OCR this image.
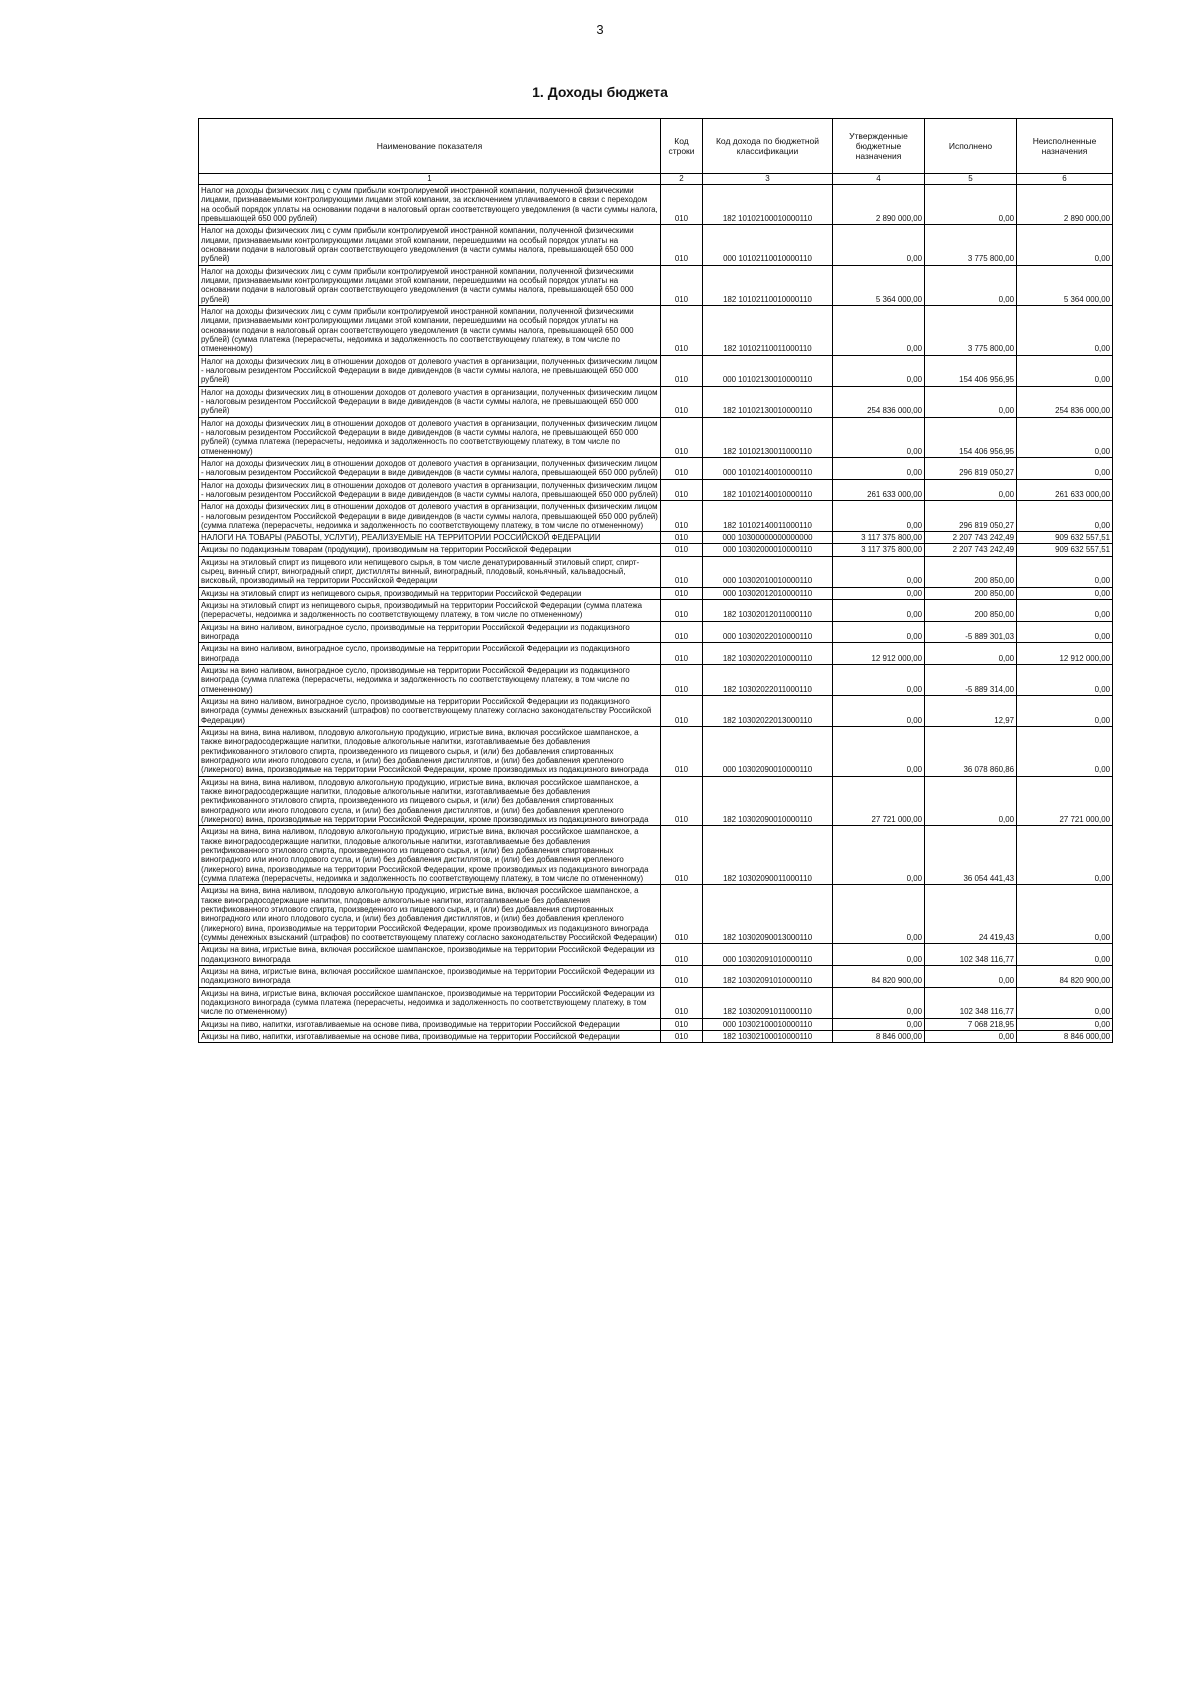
3
1. Доходы бюджета
Наименование показателя	Код строки	Код дохода по бюджетной классификации	Утвержденные бюджетные назначения	Исполнено	Неисполненные назначения
1	2	3	4	5	6
Налог на доходы физических лиц с сумм прибыли контролируемой иностранной компании, полученной физическими лицами, признаваемыми контролирующими лицами этой компании, за исключением уплачиваемого в связи с переходом на особый порядок уплаты на основании подачи в налоговый орган соответствующего уведомления (в части суммы налога, превышающей 650 000 рублей)	010	182 10102100010000110	2 890 000,00	0,00	2 890 000,00
Налог на доходы физических лиц с сумм прибыли контролируемой иностранной компании, полученной физическими лицами, признаваемыми контролирующими лицами этой компании, перешедшими на особый порядок уплаты на основании подачи в налоговый орган соответствующего уведомления (в части суммы налога, превышающей 650 000 рублей)	010	000 10102110010000110	0,00	3 775 800,00	0,00
Налог на доходы физических лиц с сумм прибыли контролируемой иностранной компании, полученной физическими лицами, признаваемыми контролирующими лицами этой компании, перешедшими на особый порядок уплаты на основании подачи в налоговый орган соответствующего уведомления (в части суммы налога, превышающей 650 000 рублей)	010	182 10102110010000110	5 364 000,00	0,00	5 364 000,00
Налог на доходы физических лиц с сумм прибыли контролируемой иностранной компании, полученной физическими лицами, признаваемыми контролирующими лицами этой компании, перешедшими на особый порядок уплаты на основании подачи в налоговый орган соответствующего уведомления (в части суммы налога, превышающей 650 000 рублей) (сумма платежа (перерасчеты, недоимка и задолженность по соответствующему платежу, в том числе по отмененному)	010	182 10102110011000110	0,00	3 775 800,00	0,00
Налог на доходы физических лиц в отношении доходов от долевого участия в организации, полученных физическим лицом - налоговым резидентом Российской Федерации в виде дивидендов (в части суммы налога, не превышающей 650 000 рублей)	010	000 10102130010000110	0,00	154 406 956,95	0,00
Налог на доходы физических лиц в отношении доходов от долевого участия в организации, полученных физическим лицом - налоговым резидентом Российской Федерации в виде дивидендов (в части суммы налога, не превышающей 650 000 рублей)	010	182 10102130010000110	254 836 000,00	0,00	254 836 000,00
Налог на доходы физических лиц в отношении доходов от долевого участия в организации, полученных физическим лицом - налоговым резидентом Российской Федерации в виде дивидендов (в части суммы налога, не превышающей 650 000 рублей) (сумма платежа (перерасчеты, недоимка и задолженность по соответствующему платежу, в том числе по отмененному)	010	182 10102130011000110	0,00	154 406 956,95	0,00
Налог на доходы физических лиц в отношении доходов от долевого участия в организации, полученных физическим лицом - налоговым резидентом Российской Федерации в виде дивидендов (в части суммы налога, превышающей 650 000 рублей)	010	000 10102140010000110	0,00	296 819 050,27	0,00
Налог на доходы физических лиц в отношении доходов от долевого участия в организации, полученных физическим лицом - налоговым резидентом Российской Федерации в виде дивидендов (в части суммы налога, превышающей 650 000 рублей)	010	182 10102140010000110	261 633 000,00	0,00	261 633 000,00
Налог на доходы физических лиц в отношении доходов от долевого участия в организации, полученных физическим лицом - налоговым резидентом Российской Федерации в виде дивидендов (в части суммы налога, превышающей 650 000 рублей) (сумма платежа (перерасчеты, недоимка и задолженность по соответствующему платежу, в том числе по отмененному)	010	182 10102140011000110	0,00	296 819 050,27	0,00
НАЛОГИ НА ТОВАРЫ (РАБОТЫ, УСЛУГИ), РЕАЛИЗУЕМЫЕ НА ТЕРРИТОРИИ РОССИЙСКОЙ ФЕДЕРАЦИИ	010	000 10300000000000000	3 117 375 800,00	2 207 743 242,49	909 632 557,51
Акцизы по подакцизным товарам (продукции), производимым на территории Российской Федерации	010	000 10302000010000110	3 117 375 800,00	2 207 743 242,49	909 632 557,51
Акцизы на этиловый спирт из пищевого или непищевого сырья, в том числе денатурированный этиловый спирт, спирт-сырец, винный спирт, виноградный спирт, дистилляты винный, виноградный, плодовый, коньячный, кальвадосный, висковый, производимый на территории Российской Федерации	010	000 10302010010000110	0,00	200 850,00	0,00
Акцизы на этиловый спирт из непищевого сырья, производимый на территории Российской Федерации	010	000 10302012010000110	0,00	200 850,00	0,00
Акцизы на этиловый спирт из непищевого сырья, производимый на территории Российской Федерации (сумма платежа (перерасчеты, недоимка и задолженность по соответствующему платежу, в том числе по отмененному)	010	182 10302012011000110	0,00	200 850,00	0,00
Акцизы на вино наливом, виноградное сусло, производимые на территории Российской Федерации из подакцизного винограда	010	000 10302022010000110	0,00	-5 889 301,03	0,00
Акцизы на вино наливом, виноградное сусло, производимые на территории Российской Федерации из подакцизного винограда	010	182 10302022010000110	12 912 000,00	0,00	12 912 000,00
Акцизы на вино наливом, виноградное сусло, производимые на территории Российской Федерации из подакцизного винограда (сумма платежа (перерасчеты, недоимка и задолженность по соответствующему платежу, в том числе по отмененному)	010	182 10302022011000110	0,00	-5 889 314,00	0,00
Акцизы на вино наливом, виноградное сусло, производимые на территории Российской Федерации из подакцизного винограда (суммы денежных взысканий (штрафов) по соответствующему платежу согласно законодательству Российской Федерации)	010	182 10302022013000110	0,00	12,97	0,00
Акцизы на вина, вина наливом, плодовую алкогольную продукцию, игристые вина, включая российское шампанское, а также виноградосодержащие напитки, плодовые алкогольные напитки, изготавливаемые без добавления ректификованного этилового спирта, произведенного из пищевого сырья, и (или) без добавления спиртованных виноградного или иного плодового сусла, и (или) без добавления дистиллятов, и (или) без добавления крепленого (ликерного) вина, производимые на территории Российской Федерации, кроме производимых из подакцизного винограда	010	000 10302090010000110	0,00	36 078 860,86	0,00
Акцизы на вина, вина наливом, плодовую алкогольную продукцию, игристые вина, включая российское шампанское, а также виноградосодержащие напитки, плодовые алкогольные напитки, изготавливаемые без добавления ректификованного этилового спирта, произведенного из пищевого сырья, и (или) без добавления спиртованных виноградного или иного плодового сусла, и (или) без добавления дистиллятов, и (или) без добавления крепленого (ликерного) вина, производимые на территории Российской Федерации, кроме производимых из подакцизного винограда	010	182 10302090010000110	27 721 000,00	0,00	27 721 000,00
Акцизы на вина, вина наливом, плодовую алкогольную продукцию, игристые вина, включая российское шампанское, а также виноградосодержащие напитки, плодовые алкогольные напитки, изготавливаемые без добавления ректификованного этилового спирта, произведенного из пищевого сырья, и (или) без добавления спиртованных виноградного или иного плодового сусла, и (или) без добавления дистиллятов, и (или) без добавления крепленого (ликерного) вина, производимые на территории Российской Федерации, кроме производимых из подакцизного винограда (сумма платежа (перерасчеты, недоимка и задолженность по соответствующему платежу, в том числе по отмененному)	010	182 10302090011000110	0,00	36 054 441,43	0,00
Акцизы на вина, вина наливом, плодовую алкогольную продукцию, игристые вина, включая российское шампанское, а также виноградосодержащие напитки, плодовые алкогольные напитки, изготавливаемые без добавления ректификованного этилового спирта, произведенного из пищевого сырья, и (или) без добавления спиртованных виноградного или иного плодового сусла, и (или) без добавления дистиллятов, и (или) без добавления крепленого (ликерного) вина, производимые на территории Российской Федерации, кроме производимых из подакцизного винограда (суммы денежных взысканий (штрафов) по соответствующему платежу согласно законодательству Российской Федерации)	010	182 10302090013000110	0,00	24 419,43	0,00
Акцизы на вина, игристые вина, включая российское шампанское, производимые на территории Российской Федерации из подакцизного винограда	010	000 10302091010000110	0,00	102 348 116,77	0,00
Акцизы на вина, игристые вина, включая российское шампанское, производимые на территории Российской Федерации из подакцизного винограда	010	182 10302091010000110	84 820 900,00	0,00	84 820 900,00
Акцизы на вина, игристые вина, включая российское шампанское, производимые на территории Российской Федерации из подакцизного винограда (сумма платежа (перерасчеты, недоимка и задолженность по соответствующему платежу, в том числе по отмененному)	010	182 10302091011000110	0,00	102 348 116,77	0,00
Акцизы на пиво, напитки, изготавливаемые на основе пива, производимые на территории Российской Федерации	010	000 10302100010000110	0,00	7 068 218,95	0,00
Акцизы на пиво, напитки, изготавливаемые на основе пива, производимые на территории Российской Федерации	010	182 10302100010000110	8 846 000,00	0,00	8 846 000,00
